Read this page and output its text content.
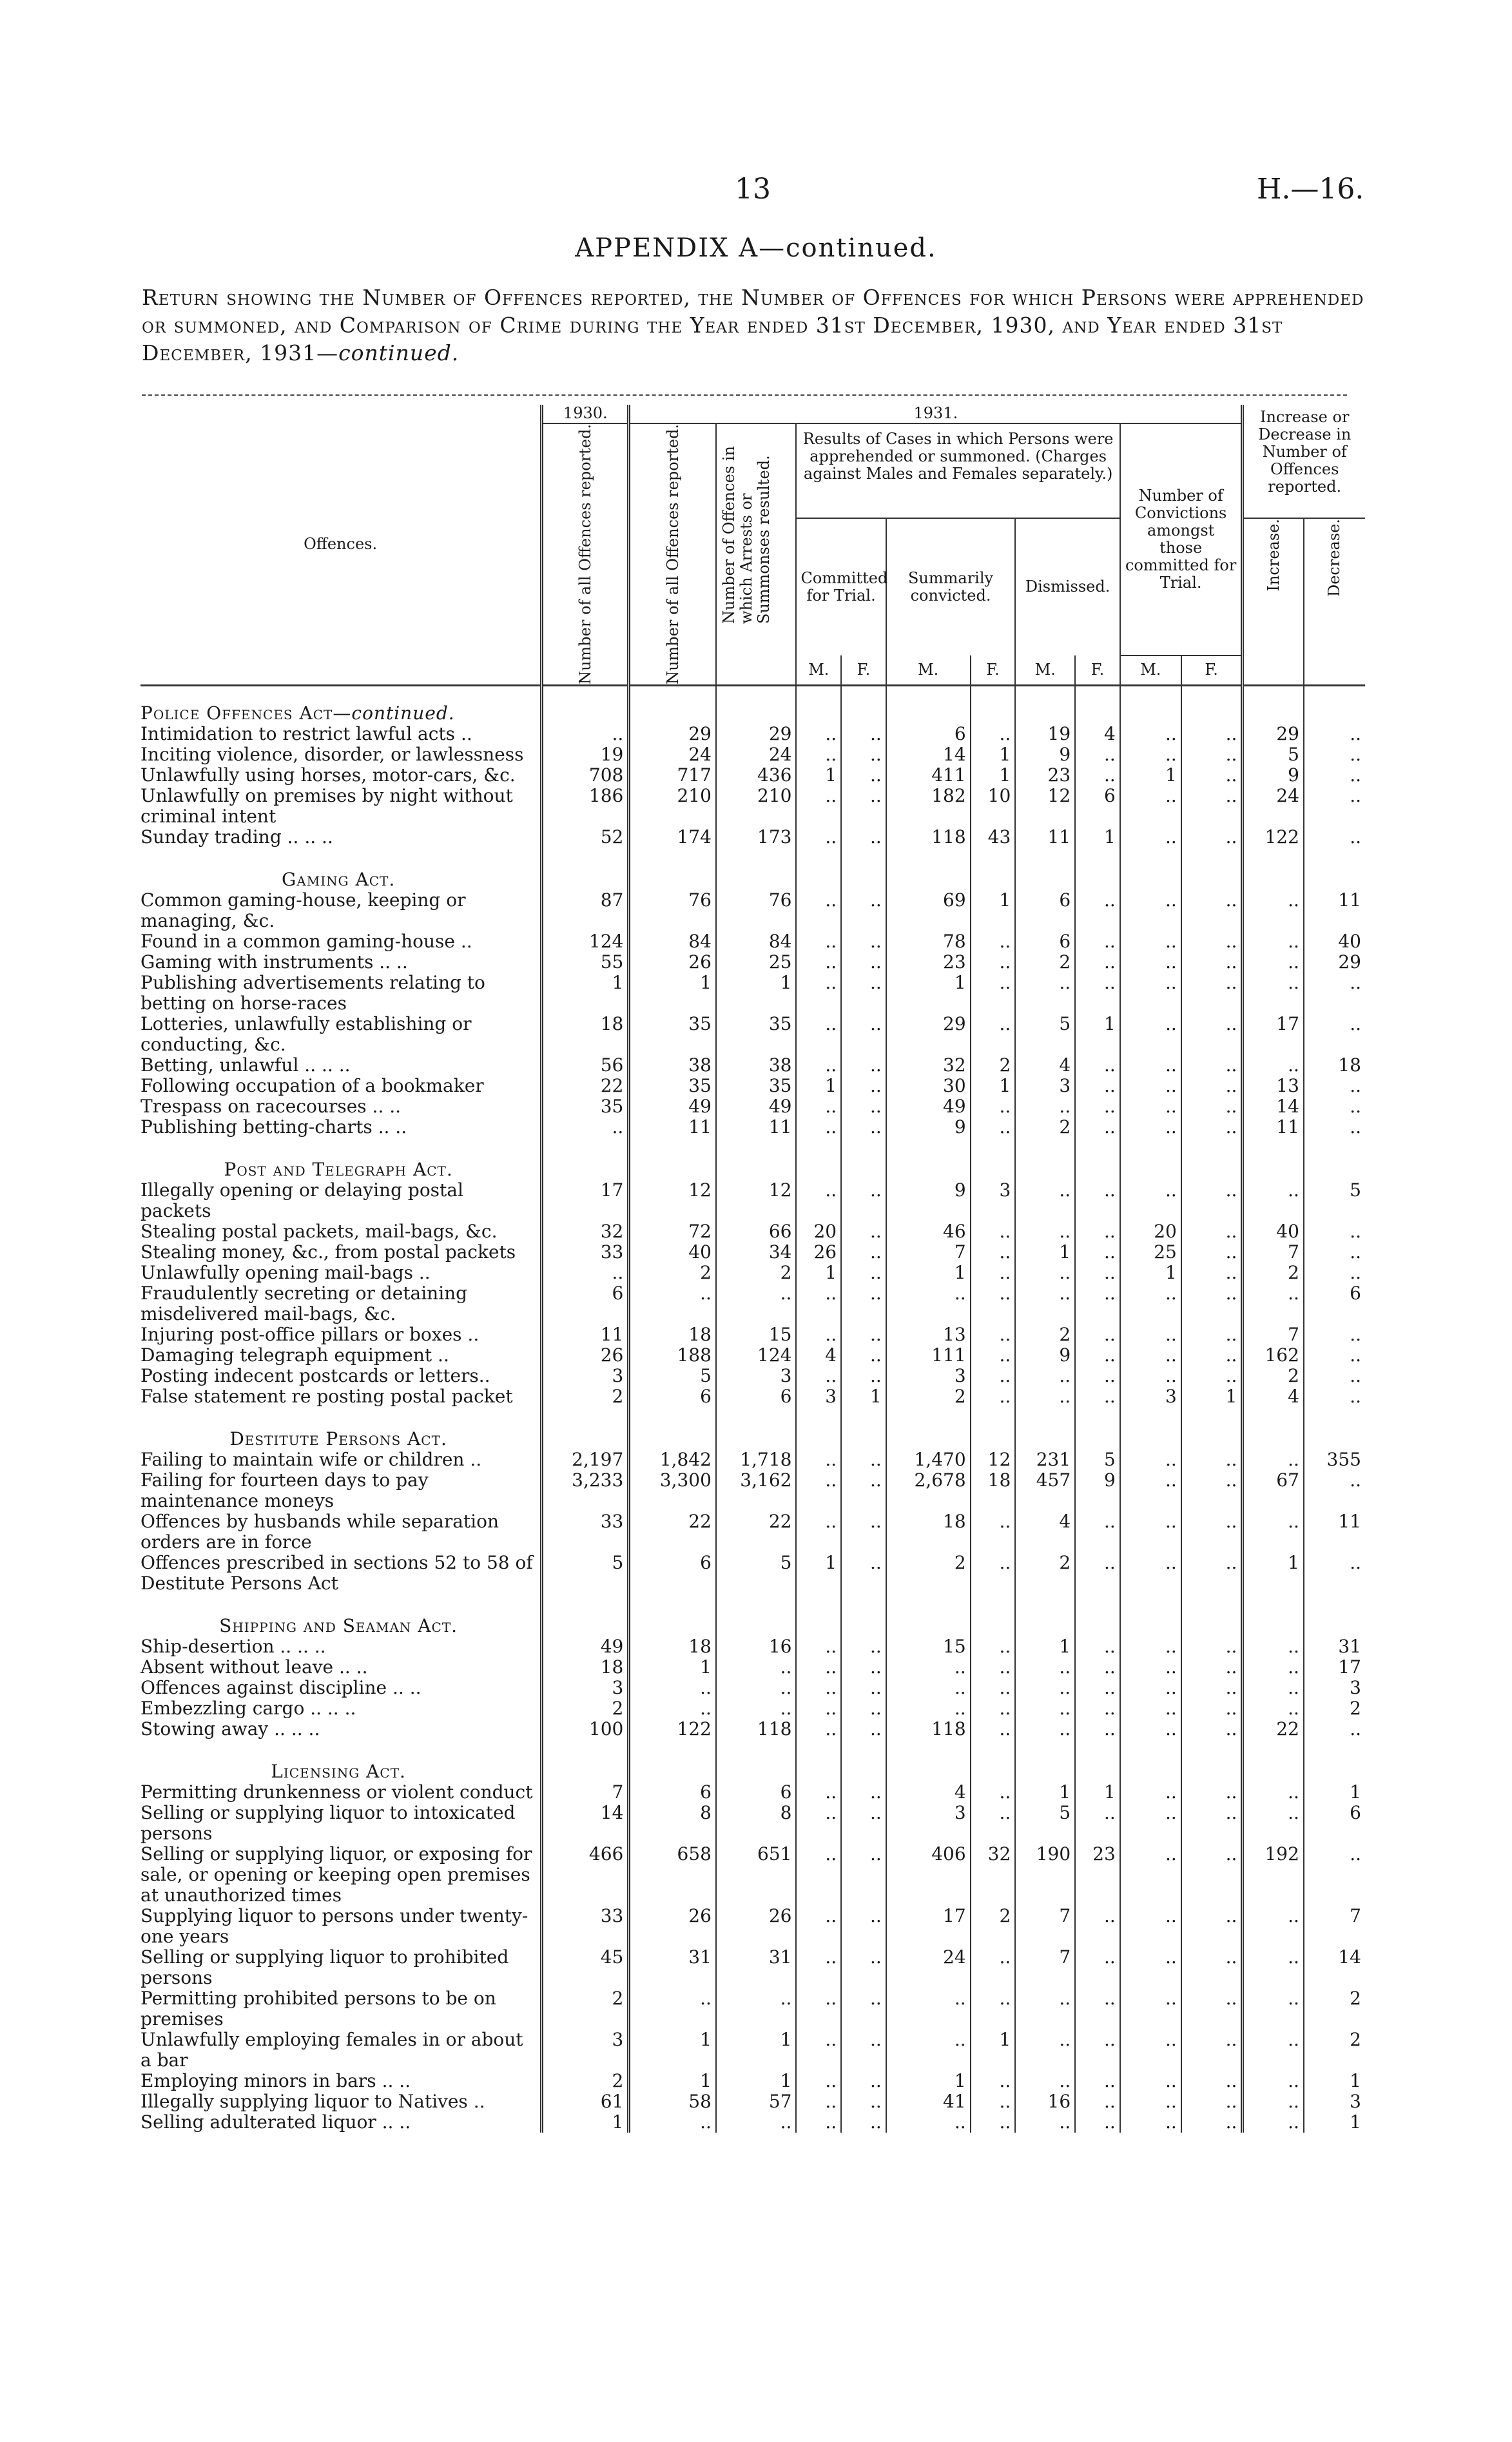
13	H.—16.
APPENDIX A—continued.
Return showing the Number of Offences reported, the Number of Offences for which Persons were apprehended or summoned, and Comparison of Crime during the Year ended 31st December, 1930, and Year ended 31st December, 1931—continued.
Offences.	1930.	1931.										Increase or Decrease in Number of Offences reported.	

	Number of all Offences reported.	Number of all Offences reported.	Number of Offences in which Arrests or Summonses resulted.	Results of Cases in which Persons were apprehended or summoned. (Charges against Males and Females separately.)						Number of Convictions amongst those committed for Trial.			
				Committed for Trial.		Summarily convicted.		Dismissed.				Increase.	Decrease.

				M.	F.	M.	F.	M.	F.	M.	F.		
Police Offences Act—continued.													
Intimidation to restrict lawful acts ..	..	29	29	..	..	6	..	19	4	..	..	29	..
Inciting violence, disorder, or lawlessness	19	24	24	..	..	14	1	9	..	..	..	5	..
Unlawfully using horses, motor-cars, &c.	708	717	436	1	..	411	1	23	..	1	..	9	..
Unlawfully on premises by night without criminal intent	186	210	210	..	..	182	10	12	6	..	..	24	..
Sunday trading .. .. ..	52	174	173	..	..	118	43	11	1	..	..	122	..
Gaming Act.													
Common gaming-house, keeping or managing, &c.	87	76	76	..	..	69	1	6	..	..	..	..	11
Found in a common gaming-house ..	124	84	84	..	..	78	..	6	..	..	..	..	40
Gaming with instruments .. ..	55	26	25	..	..	23	..	2	..	..	..	..	29
Publishing advertisements relating to betting on horse-races	1	1	1	..	..	1	..	..	..	..	..	..	..
Lotteries, unlawfully establishing or conducting, &c.	18	35	35	..	..	29	..	5	1	..	..	17	..
Betting, unlawful .. .. ..	56	38	38	..	..	32	2	4	..	..	..	..	18
Following occupation of a bookmaker	22	35	35	1	..	30	1	3	..	..	..	13	..
Trespass on racecourses .. ..	35	49	49	..	..	49	..	..	..	..	..	14	..
Publishing betting-charts .. ..	..	11	11	..	..	9	..	2	..	..	..	11	..
Post and Telegraph Act.													
Illegally opening or delaying postal packets	17	12	12	..	..	9	3	..	..	..	..	..	5
Stealing postal packets, mail-bags, &c.	32	72	66	20	..	46	..	..	..	20	..	40	..
Stealing money, &c., from postal packets	33	40	34	26	..	7	..	1	..	25	..	7	..
Unlawfully opening mail-bags ..	..	2	2	1	..	1	..	..	..	1	..	2	..
Fraudulently secreting or detaining misdelivered mail-bags, &c.	6	..	..	..	..	..	..	..	..	..	..	..	6
Injuring post-office pillars or boxes ..	11	18	15	..	..	13	..	2	..	..	..	7	..
Damaging telegraph equipment ..	26	188	124	4	..	111	..	9	..	..	..	162	..
Posting indecent postcards or letters..	3	5	3	..	..	3	..	..	..	..	..	2	..
False statement re posting postal packet	2	6	6	3	1	2	..	..	..	3	1	4	..
Destitute Persons Act.													
Failing to maintain wife or children ..	2,197	1,842	1,718	..	..	1,470	12	231	5	..	..	..	355
Failing for fourteen days to pay maintenance moneys	3,233	3,300	3,162	..	..	2,678	18	457	9	..	..	67	..
Offences by husbands while separation orders are in force	33	22	22	..	..	18	..	4	..	..	..	..	11
Offences prescribed in sections 52 to 58 of Destitute Persons Act	5	6	5	1	..	2	..	2	..	..	..	1	..
Shipping and Seaman Act.													
Ship-desertion .. .. ..	49	18	16	..	..	15	..	1	..	..	..	..	31
Absent without leave .. ..	18	1	..	..	..	..	..	..	..	..	..	..	17
Offences against discipline .. ..	3	..	..	..	..	..	..	..	..	..	..	..	3
Embezzling cargo .. .. ..	2	..	..	..	..	..	..	..	..	..	..	..	2
Stowing away .. .. ..	100	122	118	..	..	118	..	..	..	..	..	22	..
Licensing Act.													
Permitting drunkenness or violent conduct	7	6	6	..	..	4	..	1	1	..	..	..	1
Selling or supplying liquor to intoxicated persons	14	8	8	..	..	3	..	5	..	..	..	..	6
Selling or supplying liquor, or exposing for sale, or opening or keeping open premises at unauthorized times	466	658	651	..	..	406	32	190	23	..	..	192	..
Supplying liquor to persons under twenty-one years	33	26	26	..	..	17	2	7	..	..	..	..	7
Selling or supplying liquor to prohibited persons	45	31	31	..	..	24	..	7	..	..	..	..	14
Permitting prohibited persons to be on premises	2	..	..	..	..	..	..	..	..	..	..	..	2
Unlawfully employing females in or about a bar	3	1	1	..	..	..	1	..	..	..	..	..	2
Employing minors in bars .. ..	2	1	1	..	..	1	..	..	..	..	..	..	1
Illegally supplying liquor to Natives ..	61	58	57	..	..	41	..	16	..	..	..	..	3
Selling adulterated liquor .. ..	1	..	..	..	..	..	..	..	..	..	..	..	1
